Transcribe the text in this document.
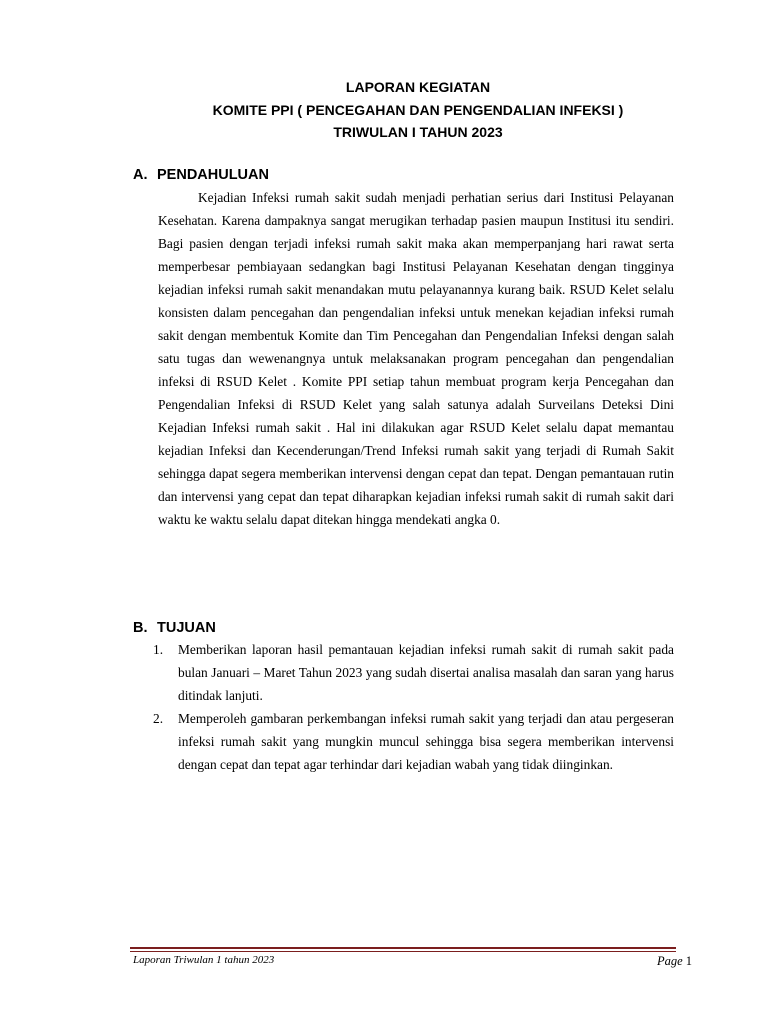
LAPORAN KEGIATAN
KOMITE PPI ( PENCEGAHAN DAN PENGENDALIAN INFEKSI )
TRIWULAN I TAHUN 2023
A. PENDAHULUAN

Kejadian Infeksi rumah sakit sudah menjadi perhatian serius dari Institusi Pelayanan Kesehatan. Karena dampaknya sangat merugikan terhadap pasien maupun Institusi itu sendiri. Bagi pasien dengan terjadi infeksi rumah sakit maka akan memperpanjang hari rawat serta memperbesar pembiayaan sedangkan bagi Institusi Pelayanan Kesehatan dengan tingginya kejadian infeksi rumah sakit menandakan mutu pelayanannya kurang baik. RSUD Kelet selalu konsisten dalam pencegahan dan pengendalian infeksi untuk menekan kejadian infeksi rumah sakit dengan membentuk Komite dan Tim Pencegahan dan Pengendalian Infeksi dengan salah satu tugas dan wewenangnya untuk melaksanakan program pencegahan dan pengendalian infeksi di RSUD Kelet . Komite PPI setiap tahun membuat program kerja Pencegahan dan Pengendalian Infeksi di RSUD Kelet yang salah satunya adalah Surveilans Deteksi Dini Kejadian Infeksi rumah sakit . Hal ini dilakukan agar RSUD Kelet selalu dapat memantau kejadian Infeksi dan Kecenderungan/Trend Infeksi rumah sakit yang terjadi di Rumah Sakit sehingga dapat segera memberikan intervensi dengan cepat dan tepat. Dengan pemantauan rutin dan intervensi yang cepat dan tepat diharapkan kejadian infeksi rumah sakit di rumah sakit dari waktu ke waktu selalu dapat ditekan hingga mendekati angka 0.

B. TUJUAN
1.	Memberikan laporan hasil pemantauan kejadian infeksi rumah sakit di rumah sakit pada bulan Januari – Maret Tahun 2023 yang sudah disertai analisa masalah dan saran yang harus ditindak lanjuti.
2.	Memperoleh gambaran perkembangan infeksi rumah sakit yang terjadi dan atau pergeseran infeksi rumah sakit yang mungkin muncul sehingga bisa segera memberikan intervensi dengan cepat dan tepat agar terhindar dari kejadian wabah yang tidak diinginkan.
Laporan Triwulan 1 tahun 2023	Page 1
